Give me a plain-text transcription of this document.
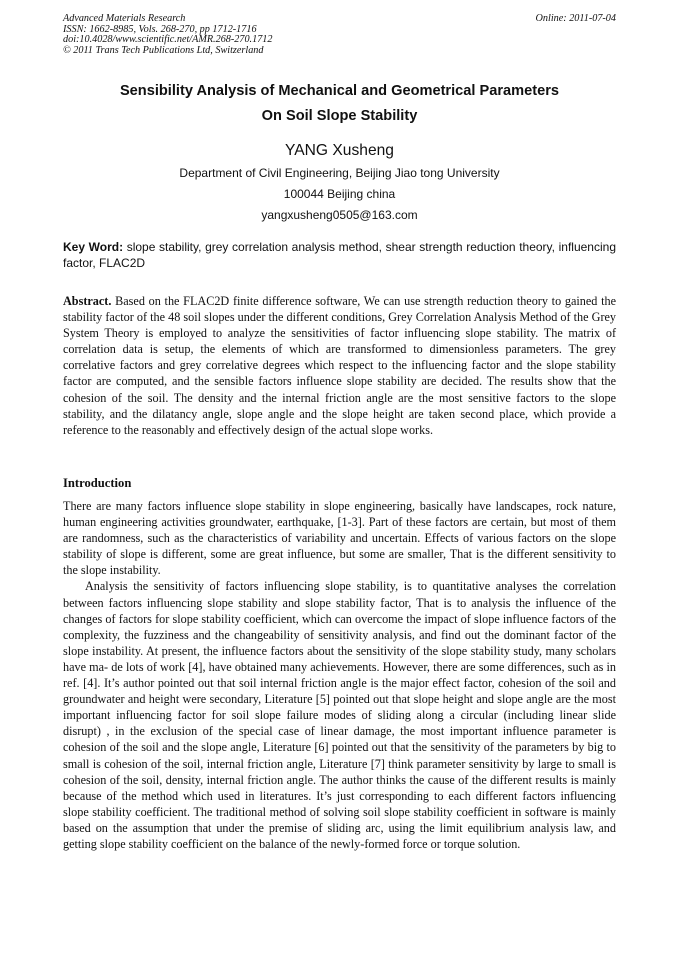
Advanced Materials Research
ISSN: 1662-8985, Vols. 268-270, pp 1712-1716
doi:10.4028/www.scientific.net/AMR.268-270.1712
© 2011 Trans Tech Publications Ltd, Switzerland
Online: 2011-07-04
Sensibility Analysis of Mechanical and Geometrical Parameters
On Soil Slope Stability
YANG Xusheng
Department of Civil Engineering, Beijing Jiao tong University
100044 Beijing china
yangxusheng0505@163.com
Key Word: slope stability, grey correlation analysis method, shear strength reduction theory, influencing factor, FLAC2D
Abstract. Based on the FLAC2D finite difference software, We can use strength reduction theory to gained the stability factor of the 48 soil slopes under the different conditions, Grey Correlation Analysis Method of the Grey System Theory is employed to analyze the sensitivities of factor influencing slope stability. The matrix of correlation data is setup, the elements of which are transformed to dimensionless parameters. The grey correlative factors and grey correlative degrees which respect to the influencing factor and the slope stability factor are computed, and the sensible factors influence slope stability are decided. The results show that the cohesion of the soil. The density and the internal friction angle are the most sensitive factors to the slope stability, and the dilatancy angle, slope angle and the slope height are taken second place, which provide a reference to the reasonably and effectively design of the actual slope works.
Introduction

There are many factors influence slope stability in slope engineering, basically have landscapes, rock nature, human engineering activities groundwater, earthquake, [1-3]. Part of these factors are certain, but most of them are randomness, such as the characteristics of variability and uncertain. Effects of various factors on the slope stability of slope is different, some are great influence, but some are smaller, That is the different sensitivity to the slope instability.

Analysis the sensitivity of factors influencing slope stability, is to quantitative analyses the correlation between factors influencing slope stability and slope stability factor, That is to analysis the influence of the changes of factors for slope stability coefficient, which can overcome the impact of slope influence factors of the complexity, the fuzziness and the changeability of sensitivity analysis, and find out the dominant factor of the slope instability. At present, the influence factors about the sensitivity of the slope stability study, many scholars have ma- de lots of work [4], have obtained many achievements. However, there are some differences, such as in ref. [4]. It’s author pointed out that soil internal friction angle is the major effect factor, cohesion of the soil and groundwater and height were secondary, Literature [5] pointed out that slope height and slope angle are the most important influencing factor for soil slope failure modes of sliding along a circular (including linear slide disrupt) , in the exclusion of the special case of linear damage, the most important influence parameter is cohesion of the soil and the slope angle, Literature [6] pointed out that the sensitivity of the parameters by big to small is cohesion of the soil, internal friction angle, Literature [7] think parameter sensitivity by large to small is cohesion of the soil, density, internal friction angle. The author thinks the cause of the different results is mainly because of the method which used in literatures. It’s just corresponding to each different factors influencing slope stability coefficient. The traditional method of solving soil slope stability coefficient in software is mainly based on the assumption that under the premise of sliding arc, using the limit equilibrium analysis law, and getting slope stability coefficient on the balance of the newly-formed force or torque solution.
